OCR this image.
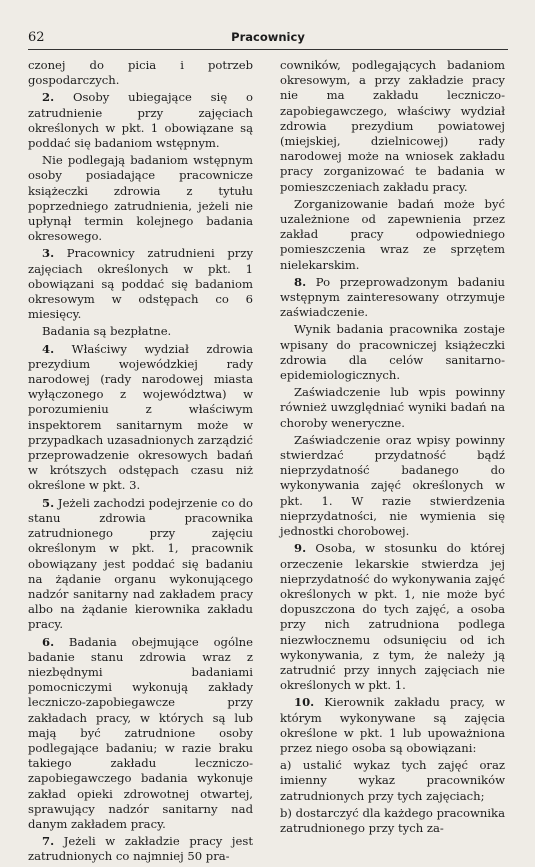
62	Pracownicy

czonej do picia i potrzeb gospodarczych.

2. Osoby ubiegające się o zatrudnienie przy zajęciach określonych w pkt. 1 obowiązane są poddać się badaniom wstępnym.

Nie podlegają badaniom wstępnym osoby posiadające pracownicze książeczki zdrowia z tytułu poprzedniego zatrudnienia, jeżeli nie upłynął termin kolejnego badania okresowego.

3. Pracownicy zatrudnieni przy zajęciach określonych w pkt. 1 obowiązani są poddać się badaniom okresowym w odstępach co 6 miesięcy.

Badania są bezpłatne.

4. Właściwy wydział zdrowia prezydium wojewódzkiej rady narodowej (rady narodowej miasta wyłączonego z województwa) w porozumieniu z właściwym inspektorem sanitarnym może w przypadkach uzasadnionych zarządzić przeprowadzenie okresowych badań w krótszych odstępach czasu niż określone w pkt. 3.

5. Jeżeli zachodzi podejrzenie co do stanu zdrowia pracownika zatrudnionego przy zajęciu określonym w pkt. 1, pracownik obowiązany jest poddać się badaniu na żądanie organu wykonującego nadzór sanitarny nad zakładem pracy albo na żądanie kierownika zakładu pracy.

6. Badania obejmujące ogólne badanie stanu zdrowia wraz z niezbędnymi badaniami pomocniczymi wykonują zakłady leczniczo-zapobiegawcze przy zakładach pracy, w których są lub mają być zatrudnione osoby podlegające badaniu; w razie braku takiego zakładu leczniczo-zapobiegawczego badania wykonuje zakład opieki zdrowotnej otwartej, sprawujący nadzór sanitarny nad danym zakładem pracy.

7. Jeżeli w zakładzie pracy jest zatrudnionych co najmniej 50 pra-

cowników, podlegających badaniom okresowym, a przy zakładzie pracy nie ma zakładu leczniczo-zapobiegawczego, właściwy wydział zdrowia prezydium powiatowej (miejskiej, dzielnicowej) rady narodowej może na wniosek zakładu pracy zorganizować te badania w pomieszczeniach zakładu pracy.

Zorganizowanie badań może być uzależnione od zapewnienia przez zakład pracy odpowiedniego pomieszczenia wraz ze sprzętem nielekarskim.

8. Po przeprowadzonym badaniu wstępnym zainteresowany otrzymuje zaświadczenie.

Wynik badania pracownika zostaje wpisany do pracowniczej książeczki zdrowia dla celów sanitarno-epidemiologicznych.

Zaświadczenie lub wpis powinny również uwzględniać wyniki badań na choroby weneryczne.

Zaświadczenie oraz wpisy powinny stwierdzać przydatność bądź nieprzydatność badanego do wykonywania zajęć określonych w pkt. 1. W razie stwierdzenia nieprzydatności, nie wymienia się jednostki chorobowej.

9. Osoba, w stosunku do której orzeczenie lekarskie stwierdza jej nieprzydatność do wykonywania zajęć określonych w pkt. 1, nie może być dopuszczona do tych zajęć, a osoba przy nich zatrudniona podlega niezwłocznemu odsunięciu od ich wykonywania, z tym, że należy ją zatrudnić przy innych zajęciach nie określonych w pkt. 1.

10. Kierownik zakładu pracy, w którym wykonywane są zajęcia określone w pkt. 1 lub upoważniona przez niego osoba są obowiązani:

a) ustalić wykaz tych zajęć oraz imienny wykaz pracowników zatrudnionych przy tych zajęciach;

b) dostarczyć dla każdego pracownika zatrudnionego przy tych za-
